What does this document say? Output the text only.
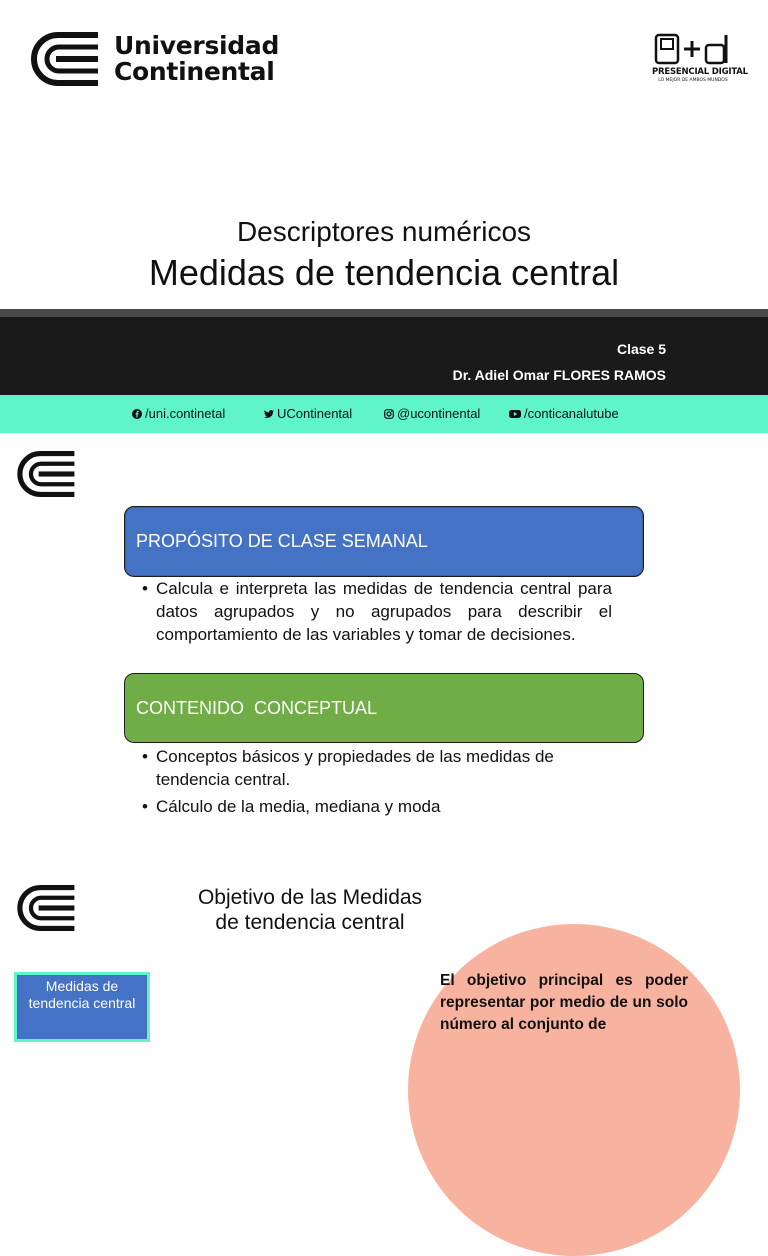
Universidad
Continental	PRESENCIAL DIGITAL
LO MEJOR DE AMBOS MUNDOS
Descriptores numéricos
Medidas de tendencia central
Clase 5
Dr. Adiel Omar FLORES RAMOS
/uni.continetal	UContinental	@ucontinental	/conticanalutube
PROPÓSITO DE CLASE SEMANAL
• Calcula e interpreta las medidas de tendencia central para datos agrupados y no agrupados para describir el comportamiento de las variables y tomar de decisiones.
CONTENIDO  CONCEPTUAL
• Conceptos básicos y propiedades de las medidas de tendencia central.
• Cálculo de la media, mediana y moda
Objetivo de las Medidas
de tendencia central
Medidas de tendencia central
El objetivo principal es poder representar por medio de un solo número al conjunto de
